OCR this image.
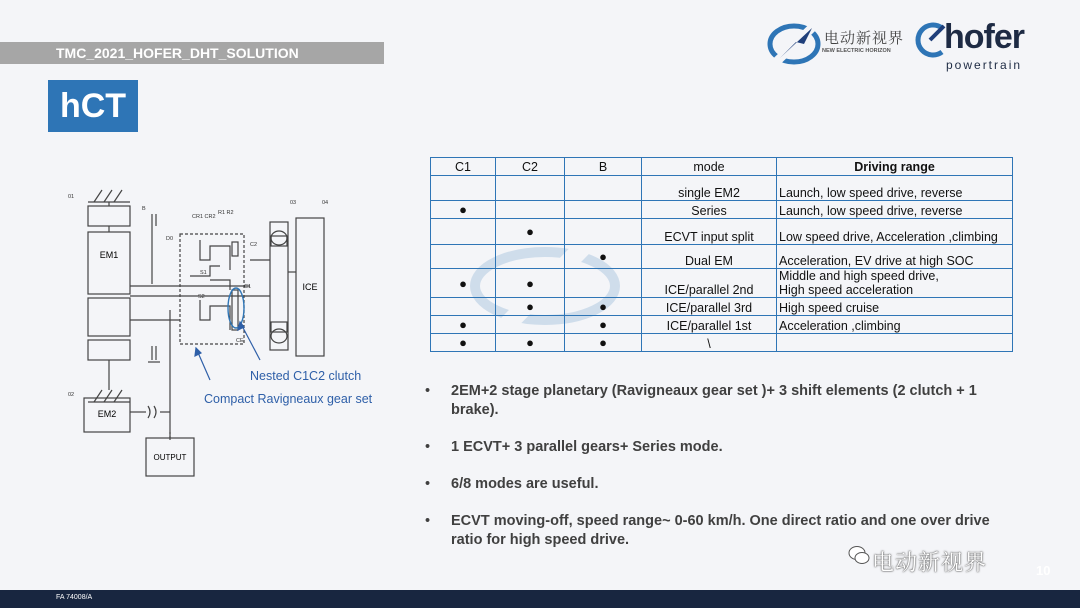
TMC_2021_HOFER_DHT_SOLUTION
hCT
电动新视界
NEW ELECTRIC HORIZON hofer
powertrain
01
02
03	04
B
D0
CR1 CR2
R1 R2
C2
C1
S1
S2
CE
EM1
ICE
EM2
OUTPUT
Nested C1C2 clutch
Compact Ravigneaux gear set
C1	C2	B	mode	Driving range
			single EM2	Launch, low speed drive, reverse
●			Series	Launch, low speed drive, reverse
	●		ECVT input split	Low speed drive, Acceleration ,climbing
		●	Dual EM	Acceleration, EV drive at high SOC
●	●		ICE/parallel 2nd	Middle and high speed drive,
High speed acceleration
	●	●	ICE/parallel 3rd	High speed cruise
●		●	ICE/parallel 1st	Acceleration ,climbing
●	●	●	\	
• 2EM+2 stage planetary (Ravigneaux gear set )+ 3 shift elements (2 clutch + 1 brake).
• 1 ECVT+ 3 parallel gears+ Series mode.
• 6/8 modes are useful.
• ECVT moving-off, speed range~ 0-60 km/h. One direct ratio and one over drive ratio for high speed drive.
电动新视界
FA 74008/A
10
